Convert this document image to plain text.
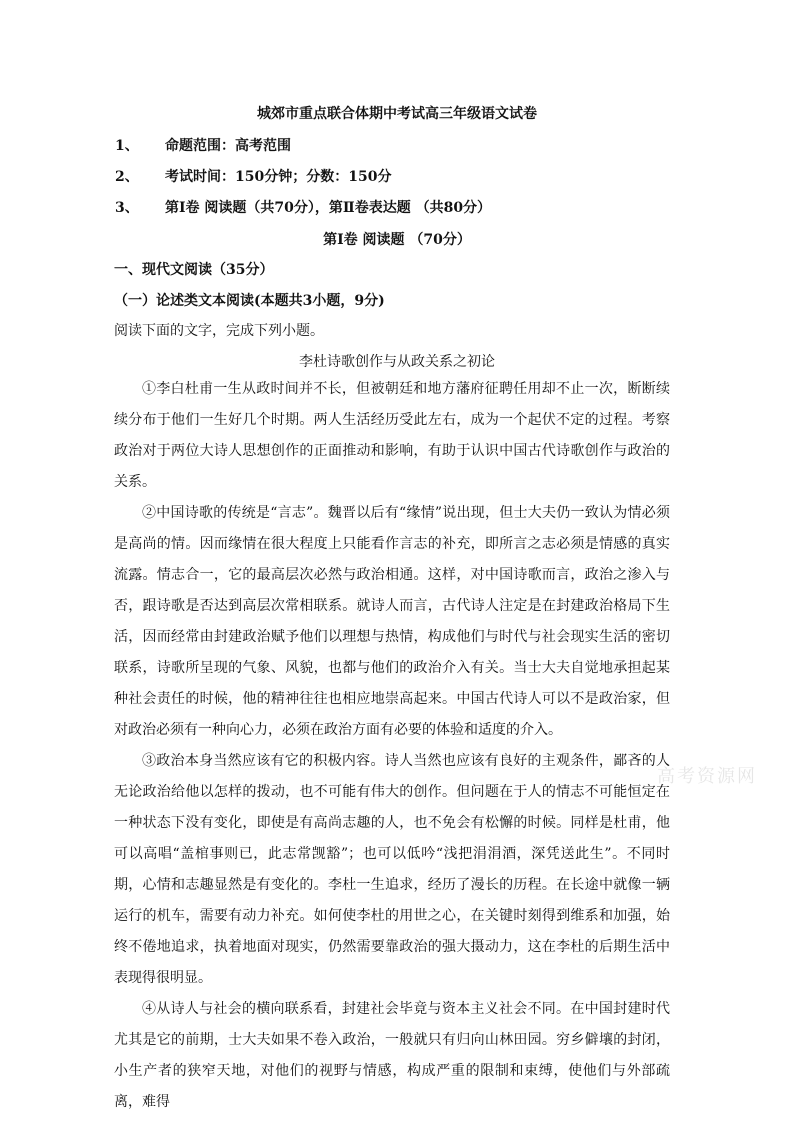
城郊市重点联合体期中考试高三年级语文试卷
1、 命题范围：高考范围
2、 考试时间：150分钟；分数：150分
3、 第Ⅰ卷 阅读题（共70分），第Ⅱ卷表达题 （共80分）
第Ⅰ卷 阅读题 （70分）
一、现代文阅读（35分）
（一）论述类文本阅读(本题共3小题，9分)
阅读下面的文字，完成下列小题。
李杜诗歌创作与从政关系之初论

①李白杜甫一生从政时间并不长，但被朝廷和地方藩府征聘任用却不止一次，断断续续分布于他们一生好几个时期。两人生活经历受此左右，成为一个起伏不定的过程。考察政治对于两位大诗人思想创作的正面推动和影响，有助于认识中国古代诗歌创作与政治的关系。

②中国诗歌的传统是“言志”。魏晋以后有“缘情”说出现，但士大夫仍一致认为情必须是高尚的情。因而缘情在很大程度上只能看作言志的补充，即所言之志必须是情感的真实流露。情志合一，它的最高层次必然与政治相通。这样，对中国诗歌而言，政治之渗入与否，跟诗歌是否达到高层次常相联系。就诗人而言，古代诗人注定是在封建政治格局下生活，因而经常由封建政治赋予他们以理想与热情，构成他们与时代与社会现实生活的密切联系，诗歌所呈现的气象、风貌，也都与他们的政治介入有关。当士大夫自觉地承担起某种社会责任的时候，他的精神往往也相应地崇高起来。中国古代诗人可以不是政治家，但对政治必须有一种向心力，必须在政治方面有必要的体验和适度的介入。

③政治本身当然应该有它的积极内容。诗人当然也应该有良好的主观条件，鄙吝的人无论政治给他以怎样的拨动，也不可能有伟大的创作。但问题在于人的情志不可能恒定在一种状态下没有变化，即使是有高尚志趣的人，也不免会有松懈的时候。同样是杜甫，他可以高唱“盖棺事则已，此志常觊豁”；也可以低吟“浅把涓涓酒，深凭送此生”。不同时期，心情和志趣显然是有变化的。李杜一生追求，经历了漫长的历程。在长途中就像一辆运行的机车，需要有动力补充。如何使李杜的用世之心，在关键时刻得到维系和加强，始终不倦地追求，执着地面对现实，仍然需要靠政治的强大摄动力，这在李杜的后期生活中表现得很明显。

④从诗人与社会的横向联系看，封建社会毕竟与资本主义社会不同。在中国封建时代尤其是它的前期，士大夫如果不卷入政治，一般就只有归向山林田园。穷乡僻壤的封闭，小生产者的狭窄天地，对他们的视野与情感，构成严重的限制和束缚，使他们与外部疏离，难得

高考资源网
